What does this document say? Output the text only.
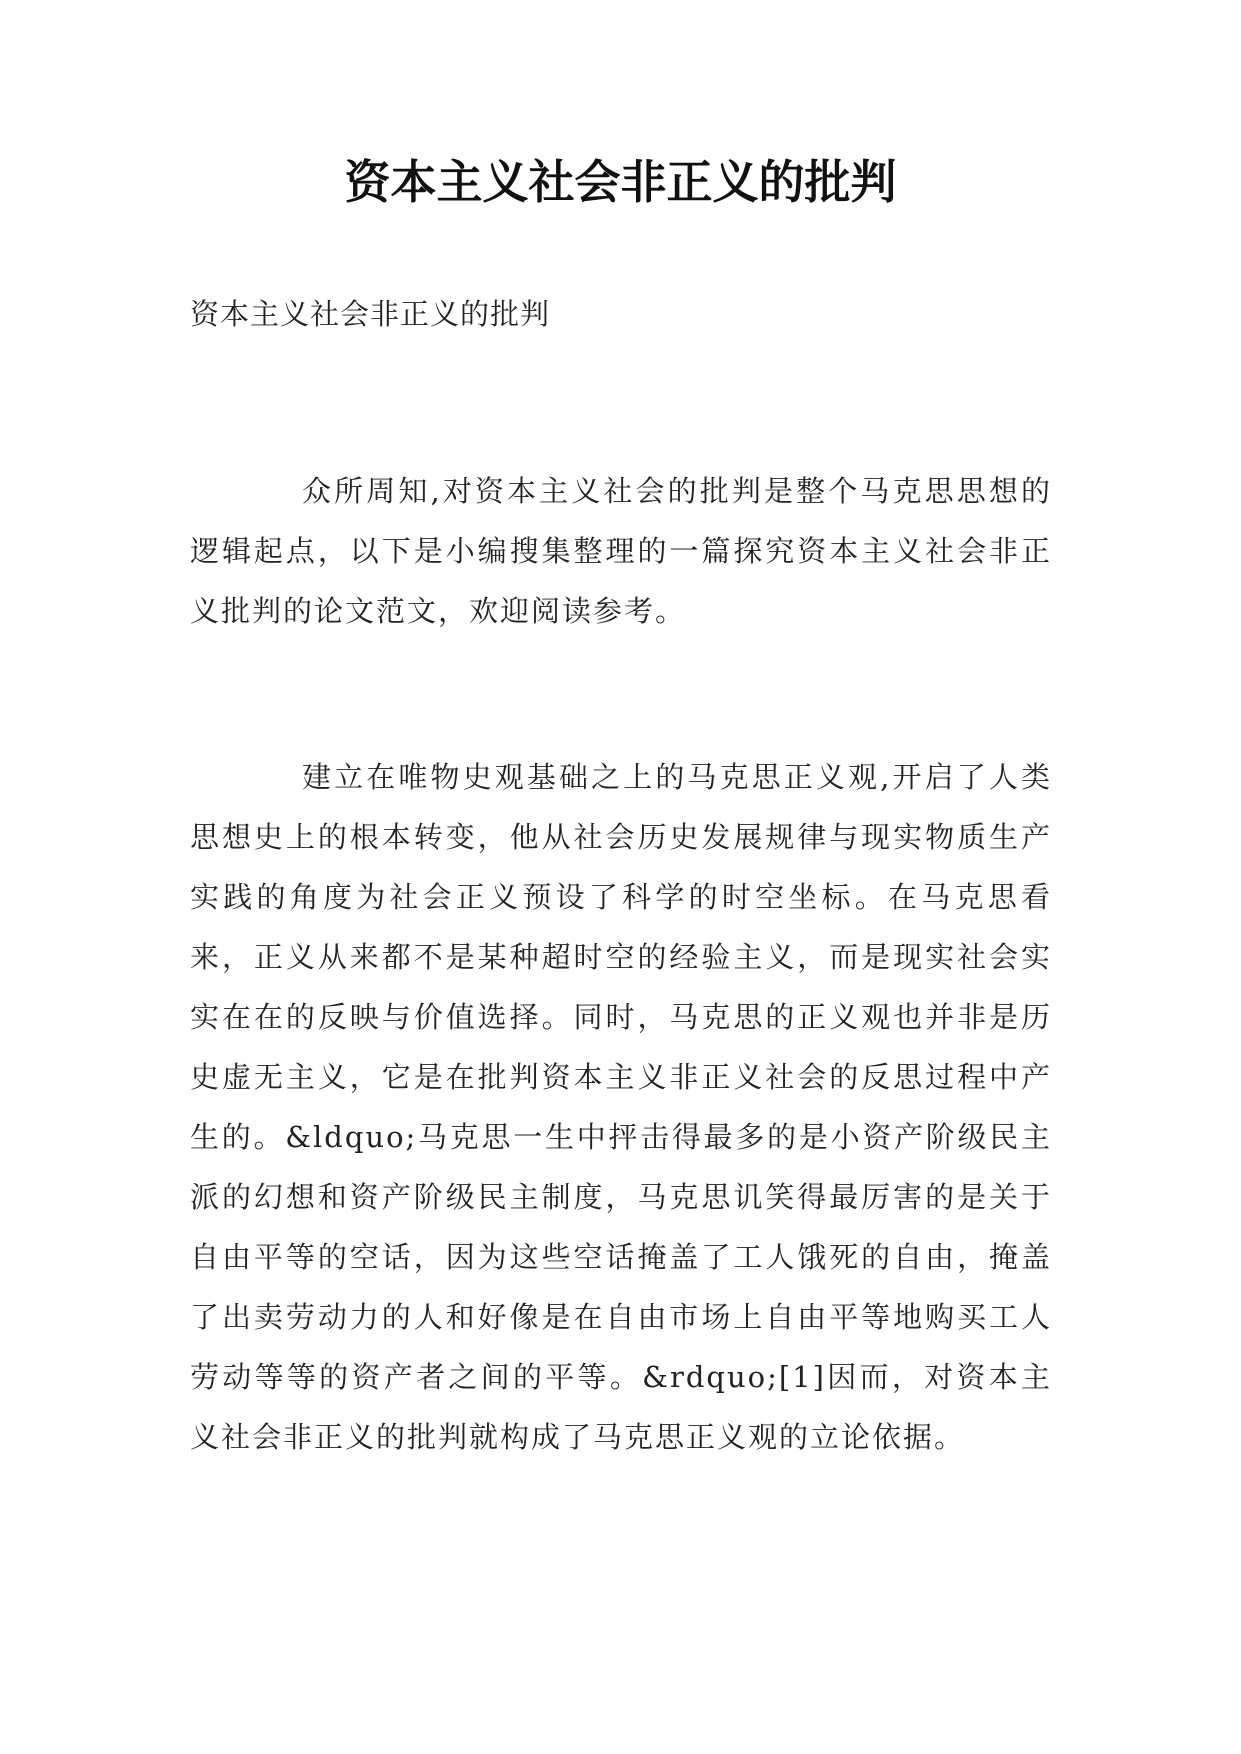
资本主义社会非正义的批判

资本主义社会非正义的批判

众所周知,对资本主义社会的批判是整个马克思思想的逻辑起点，以下是小编搜集整理的一篇探究资本主义社会非正义批判的论文范文，欢迎阅读参考。

建立在唯物史观基础之上的马克思正义观,开启了人类思想史上的根本转变，他从社会历史发展规律与现实物质生产实践的角度为社会正义预设了科学的时空坐标。在马克思看来，正义从来都不是某种超时空的经验主义，而是现实社会实实在在的反映与价值选择。同时，马克思的正义观也并非是历史虚无主义，它是在批判资本主义非正义社会的反思过程中产生的。&ldquo;马克思一生中抨击得最多的是小资产阶级民主派的幻想和资产阶级民主制度，马克思讥笑得最厉害的是关于自由平等的空话，因为这些空话掩盖了工人饿死的自由，掩盖了出卖劳动力的人和好像是在自由市场上自由平等地购买工人劳动等等的资产者之间的平等。&rdquo;[1]因而，对资本主义社会非正义的批判就构成了马克思正义观的立论依据。
